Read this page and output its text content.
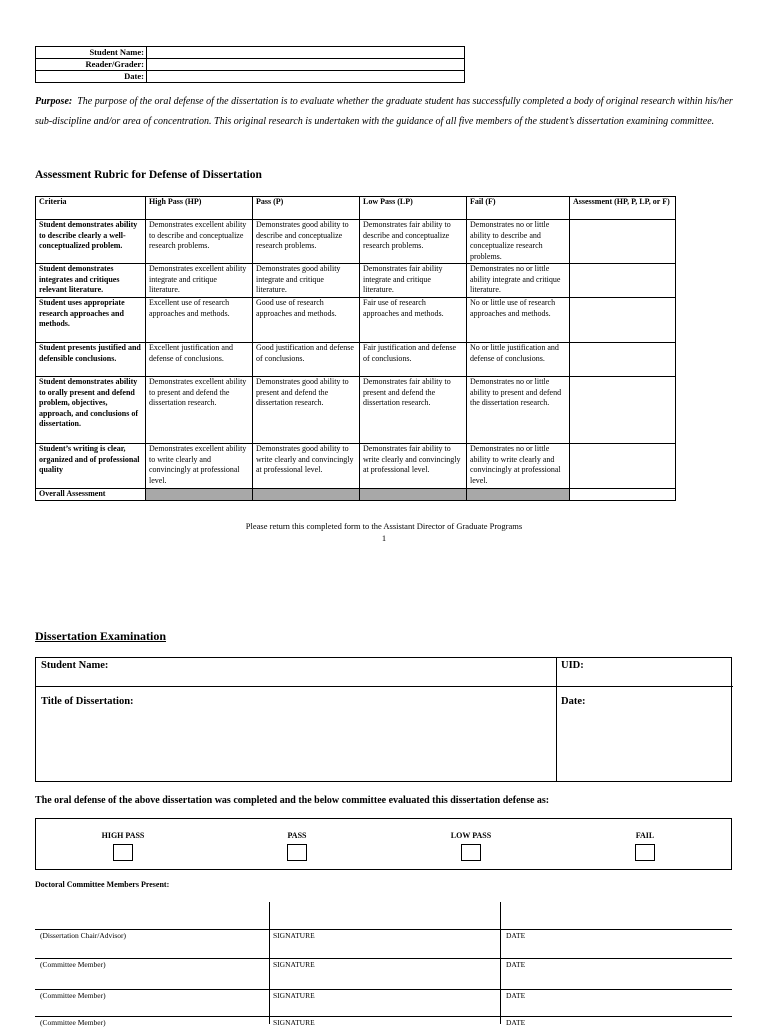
Student Name:	
Reader/Grader:	
Date:	
Purpose: The purpose of the oral defense of the dissertation is to evaluate whether the graduate student has successfully completed a body of original research within his/her sub-discipline and/or area of concentration. This original research is undertaken with the guidance of all five members of the student’s dissertation examining committee.
Assessment Rubric for Defense of Dissertation
Criteria	High Pass (HP)	Pass (P)	Low Pass (LP)	Fail (F)	Assessment (HP, P, LP, or F)
Student demonstrates ability to describe clearly a well-conceptualized problem.	Demonstrates excellent ability to describe and conceptualize research problems.	Demonstrates good ability to describe and conceptualize research problems.	Demonstrates fair ability to describe and conceptualize research problems.	Demonstrates no or little ability to describe and conceptualize research problems.	
Student demonstrates integrates and critiques relevant literature.	Demonstrates excellent ability integrate and critique literature.	Demonstrates good ability integrate and critique literature.	Demonstrates fair ability integrate and critique literature.	Demonstrates no or little ability integrate and critique literature.	
Student uses appropriate research approaches and methods.	Excellent use of research approaches and methods.	Good use of research approaches and methods.	Fair use of research approaches and methods.	No or little use of research approaches and methods.	
Student presents justified and defensible conclusions.	Excellent justification and defense of conclusions.	Good justification and defense of conclusions.	Fair justification and defense of conclusions.	No or little justification and defense of conclusions.	
Student demonstrates ability to orally present and defend problem, objectives, approach, and conclusions of dissertation.	Demonstrates excellent ability to present and defend the dissertation research.	Demonstrates good ability to present and defend the dissertation research.	Demonstrates fair ability to present and defend the dissertation research.	Demonstrates no or little ability to present and defend the dissertation research.	
Student’s writing is clear, organized and of professional quality	Demonstrates excellent ability to write clearly and convincingly at professional level.	Demonstrates good ability to write clearly and convincingly at professional level.	Demonstrates fair ability to write clearly and convincingly at professional level.	Demonstrates no or little ability to write clearly and convincingly at professional level.	
Overall Assessment					
Please return this completed form to the Assistant Director of Graduate Programs
1
Dissertation Examination
Student Name:	UID:
Title of Dissertation:	Date:
The oral defense of the above dissertation was completed and the below committee evaluated this dissertation defense as:
HIGH PASS	PASS	LOW PASS	FAIL
Doctoral Committee Members Present:
(Dissertation Chair/Advisor)	SIGNATURE	DATE
(Committee Member)	SIGNATURE	DATE
(Committee Member)	SIGNATURE	DATE
(Committee Member)	SIGNATURE	DATE
